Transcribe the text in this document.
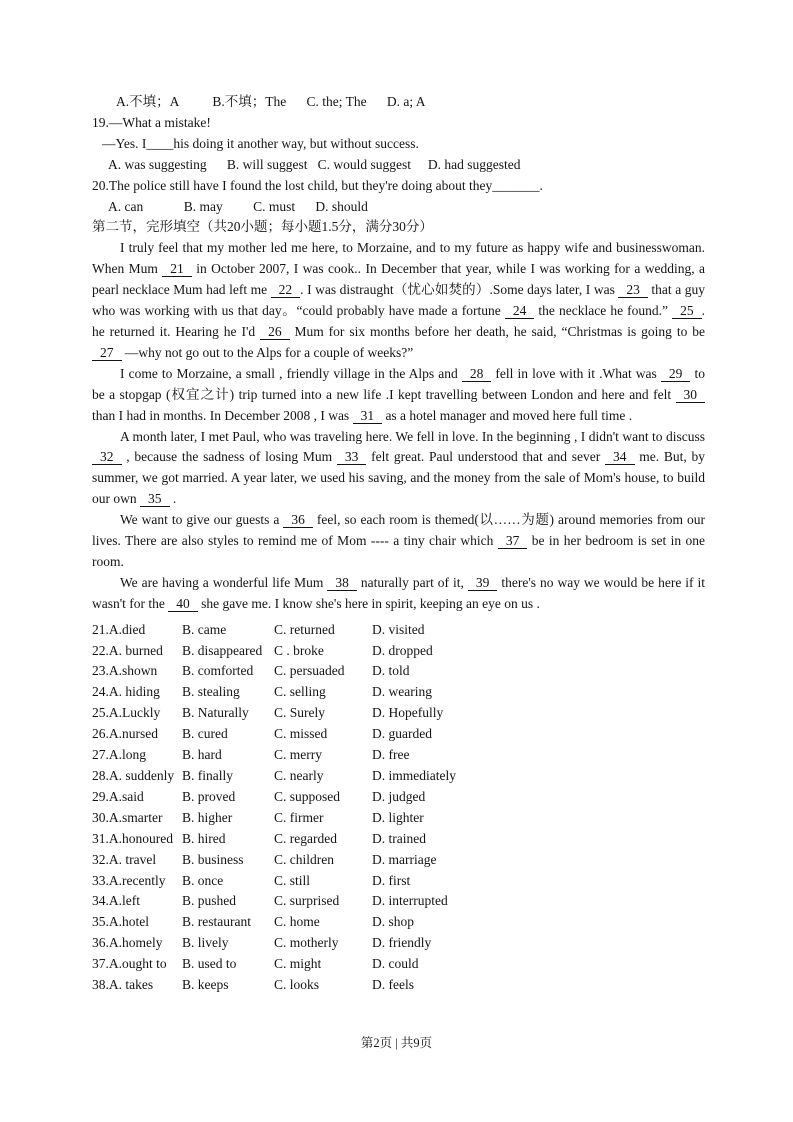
A.不填；A          B.不填；The      C. the; The      D. a; A
19.—What a mistake!
—Yes. I____his doing it another way, but without success.
A. was suggesting      B. will suggest   C. would suggest     D. had suggested
20.The police still have I found the lost child, but they're doing about they_______.
A. can            B. may         C. must      D. should
第二节，完形填空（共20小题；每小题1.5分，满分30分）

I truly feel that my mother led me here, to Morzaine, and to my future as happy wife and businesswoman. When Mum 21 in October 2007, I was cook.. In December that year, while I was working for a wedding, a pearl necklace Mum had left me 22 . I was distraught（忧心如焚的）.Some days later, I was 23 that a guy who was working with us that day。“could probably have made a fortune 24 the necklace he found.” 25 . he returned it. Hearing he I'd 26 Mum for six months before her death, he said, “Christmas is going to be 27 —why not go out to the Alps for a couple of weeks?”

I come to Morzaine, a small , friendly village in the Alps and 28 fell in love with it .What was 29 to be a stopgap (权宜之计) trip turned into a new life .I kept travelling between London and here and felt 30 than I had in months. In December 2008 , I was 31 as a hotel manager and moved here full time .

A month later, I met Paul, who was traveling here. We fell in love. In the beginning , I didn't want to discuss 32 , because the sadness of losing Mum 33 felt great. Paul understood that and sever 34 me. But, by summer, we got married. A year later, we used his saving, and the money from the sale of Mom's house, to build our own 35 .

We want to give our guests a 36 feel, so each room is themed(以……为题) around memories from our lives. There are also styles to remind me of Mom ---- a tiny chair which 37 be in her bedroom is set in one room.

We are having a wonderful life Mum 38 naturally part of it, 39 there's no way we would be here if it wasn't for the 40 she gave me. I know she's here in spirit, keeping an eye on us .

21.A.died	B. came	C. returned	D. visited
22.A. burned	B. disappeared C . broke	D. dropped
23.A.shown	B. comforted	C. persuaded	D. told
24.A. hiding	B. stealing	C. selling	D. wearing
25.A.Luckly	B. Naturally	C. Surely	D. Hopefully
26.A.nursed	B. cured	C. missed	D. guarded
27.A.long	B. hard	C. merry	D. free
28.A. suddenly B. finally	C. nearly	D. immediately
29.A.said	B. proved	C. supposed	D. judged
30.A.smarter	B. higher	C. firmer	D. lighter
31.A.honoured B. hired	C. regarded	D. trained
32.A. travel	B. business	C. children	D. marriage
33.A.recently	B. once	C. still	D. first
34.A.left	B. pushed	C. surprised	D. interrupted
35.A.hotel	B. restaurant	C. home	D. shop
36.A.homely	B. lively	C. motherly	D. friendly
37.A.ought to	B. used to	C. might	D. could
38.A. takes	B. keeps	C. looks	D. feels
第2页 | 共9页
